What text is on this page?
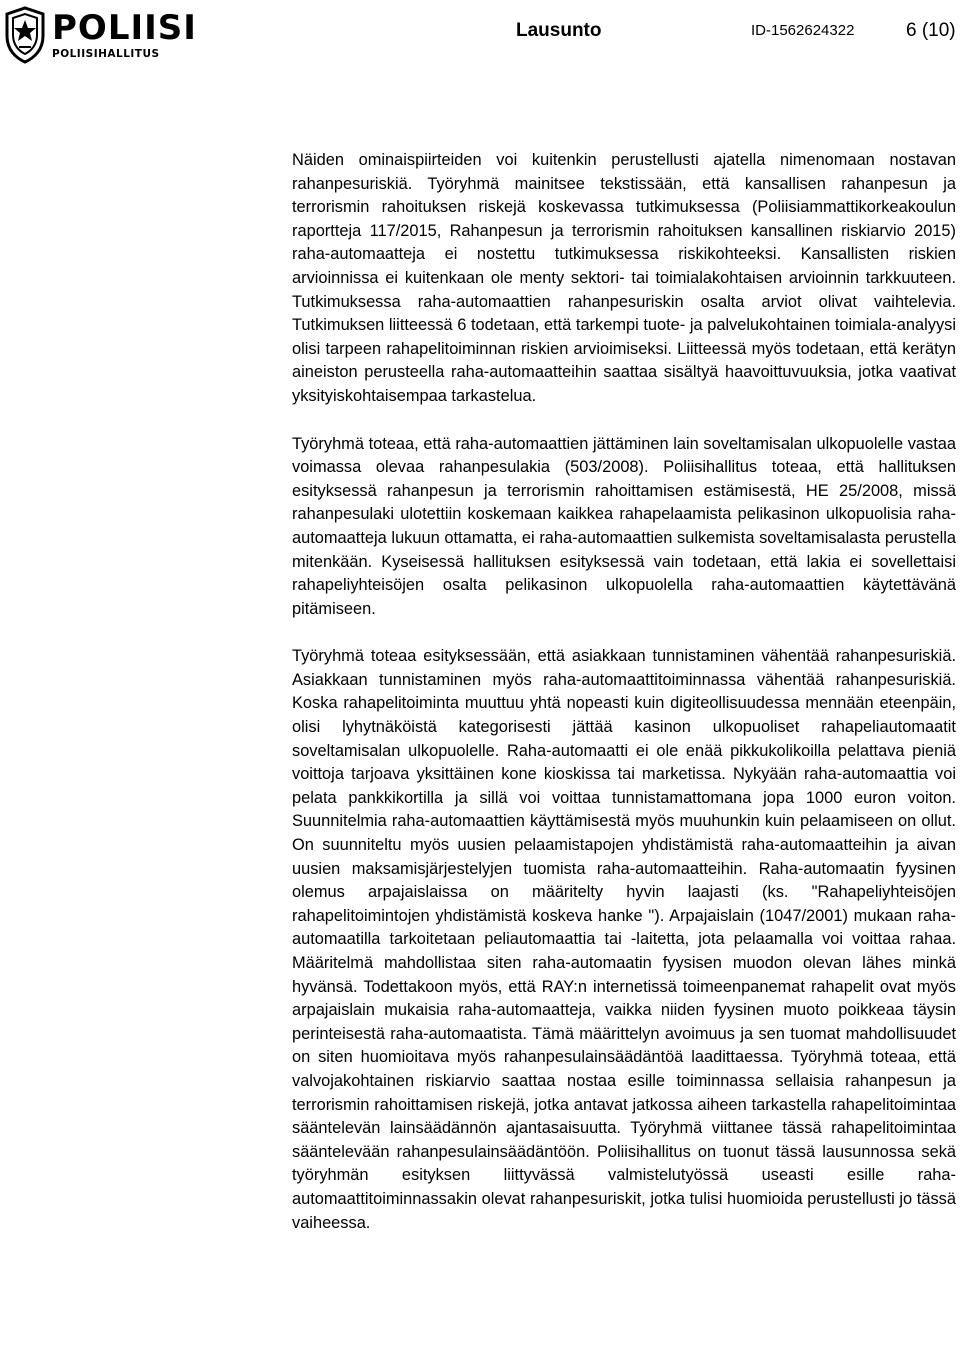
POLIISI
POLIISIHALLITUS
Lausunto	ID-1562624322	6 (10)

Näiden ominaispiirteiden voi kuitenkin perustellusti ajatella nimenomaan nostavan rahanpesuriskiä. Työryhmä mainitsee tekstissään, että kansallisen rahanpesun ja terrorismin rahoituksen riskejä koskevassa tutkimuksessa (Poliisiammattikorkeakoulun raportteja 117/2015, Rahanpesun ja terrorismin rahoituksen kansallinen riskiarvio 2015) raha-automaatteja ei nostettu tutkimuksessa riskikohteeksi. Kansallisten riskien arvioinnissa ei kuitenkaan ole menty sektori- tai toimialakohtaisen arvioinnin tarkkuuteen. Tutkimuksessa raha-automaattien rahanpesuriskin osalta arviot olivat vaihtelevia. Tutkimuksen liitteessä 6 todetaan, että tarkempi tuote- ja palvelukohtainen toimiala-analyysi olisi tarpeen rahapelitoiminnan riskien arvioimiseksi. Liitteessä myös todetaan, että kerätyn aineiston perusteella raha-automaatteihin saattaa sisältyä haavoittuvuuksia, jotka vaativat yksityiskohtaisempaa tarkastelua.

Työryhmä toteaa, että raha-automaattien jättäminen lain soveltamisalan ulkopuolelle vastaa voimassa olevaa rahanpesulakia (503/2008). Poliisihallitus toteaa, että hallituksen esityksessä rahanpesun ja terrorismin rahoittamisen estämisestä, HE 25/2008, missä rahanpesulaki ulotettiin koskemaan kaikkea rahapelaamista pelikasinon ulkopuolisia raha-automaatteja lukuun ottamatta, ei raha-automaattien sulkemista soveltamisalasta perustella mitenkään. Kyseisessä hallituksen esityksessä vain todetaan, että lakia ei sovellettaisi rahapeliyhteisöjen osalta pelikasinon ulkopuolella raha-automaattien käytettävänä pitämiseen.

Työryhmä toteaa esityksessään, että asiakkaan tunnistaminen vähentää rahanpesuriskiä. Asiakkaan tunnistaminen myös raha-automaattitoiminnassa vähentää rahanpesuriskiä. Koska rahapelitoiminta muuttuu yhtä nopeasti kuin digiteollisuudessa mennään eteenpäin, olisi lyhytnäköistä kategorisesti jättää kasinon ulkopuoliset rahapeliautomaatit soveltamisalan ulkopuolelle. Raha-automaatti ei ole enää pikkukolikoilla pelattava pieniä voittoja tarjoava yksittäinen kone kioskissa tai marketissa. Nykyään raha-automaattia voi pelata pankkikortilla ja sillä voi voittaa tunnistamattomana jopa 1000 euron voiton. Suunnitelmia raha-automaattien käyttämisestä myös muuhunkin kuin pelaamiseen on ollut. On suunniteltu myös uusien pelaamistapojen yhdistämistä raha-automaatteihin ja aivan uusien maksamisjärjestelyjen tuomista raha-automaatteihin. Raha-automaatin fyysinen olemus arpajaislaissa on määritelty hyvin laajasti (ks. "Rahapeliyhteisöjen rahapelitoimintojen yhdistämistä koskeva hanke "). Arpajaislain (1047/2001) mukaan raha-automaatilla tarkoitetaan peliautomaattia tai -laitetta, jota pelaamalla voi voittaa rahaa. Määritelmä mahdollistaa siten raha-automaatin fyysisen muodon olevan lähes minkä hyvänsä. Todettakoon myös, että RAY:n internetissä toimeenpanemat rahapelit ovat myös arpajaislain mukaisia raha-automaatteja, vaikka niiden fyysinen muoto poikkeaa täysin perinteisestä raha-automaatista. Tämä määrittelyn avoimuus ja sen tuomat mahdollisuudet on siten huomioitava myös rahanpesulainsäädäntöä laadittaessa. Työryhmä toteaa, että valvojakohtainen riskiarvio saattaa nostaa esille toiminnassa sellaisia rahanpesun ja terrorismin rahoittamisen riskejä, jotka antavat jatkossa aiheen tarkastella rahapelitoimintaa sääntelevän lainsäädännön ajantasaisuutta. Työryhmä viittanee tässä rahapelitoimintaa sääntelevään rahanpesulainsäädäntöön. Poliisihallitus on tuonut tässä lausunnossa sekä työryhmän esityksen liittyvässä valmistelutyössä useasti esille raha-automaattitoiminnassakin olevat rahanpesuriskit, jotka tulisi huomioida perustellusti jo tässä vaiheessa.
